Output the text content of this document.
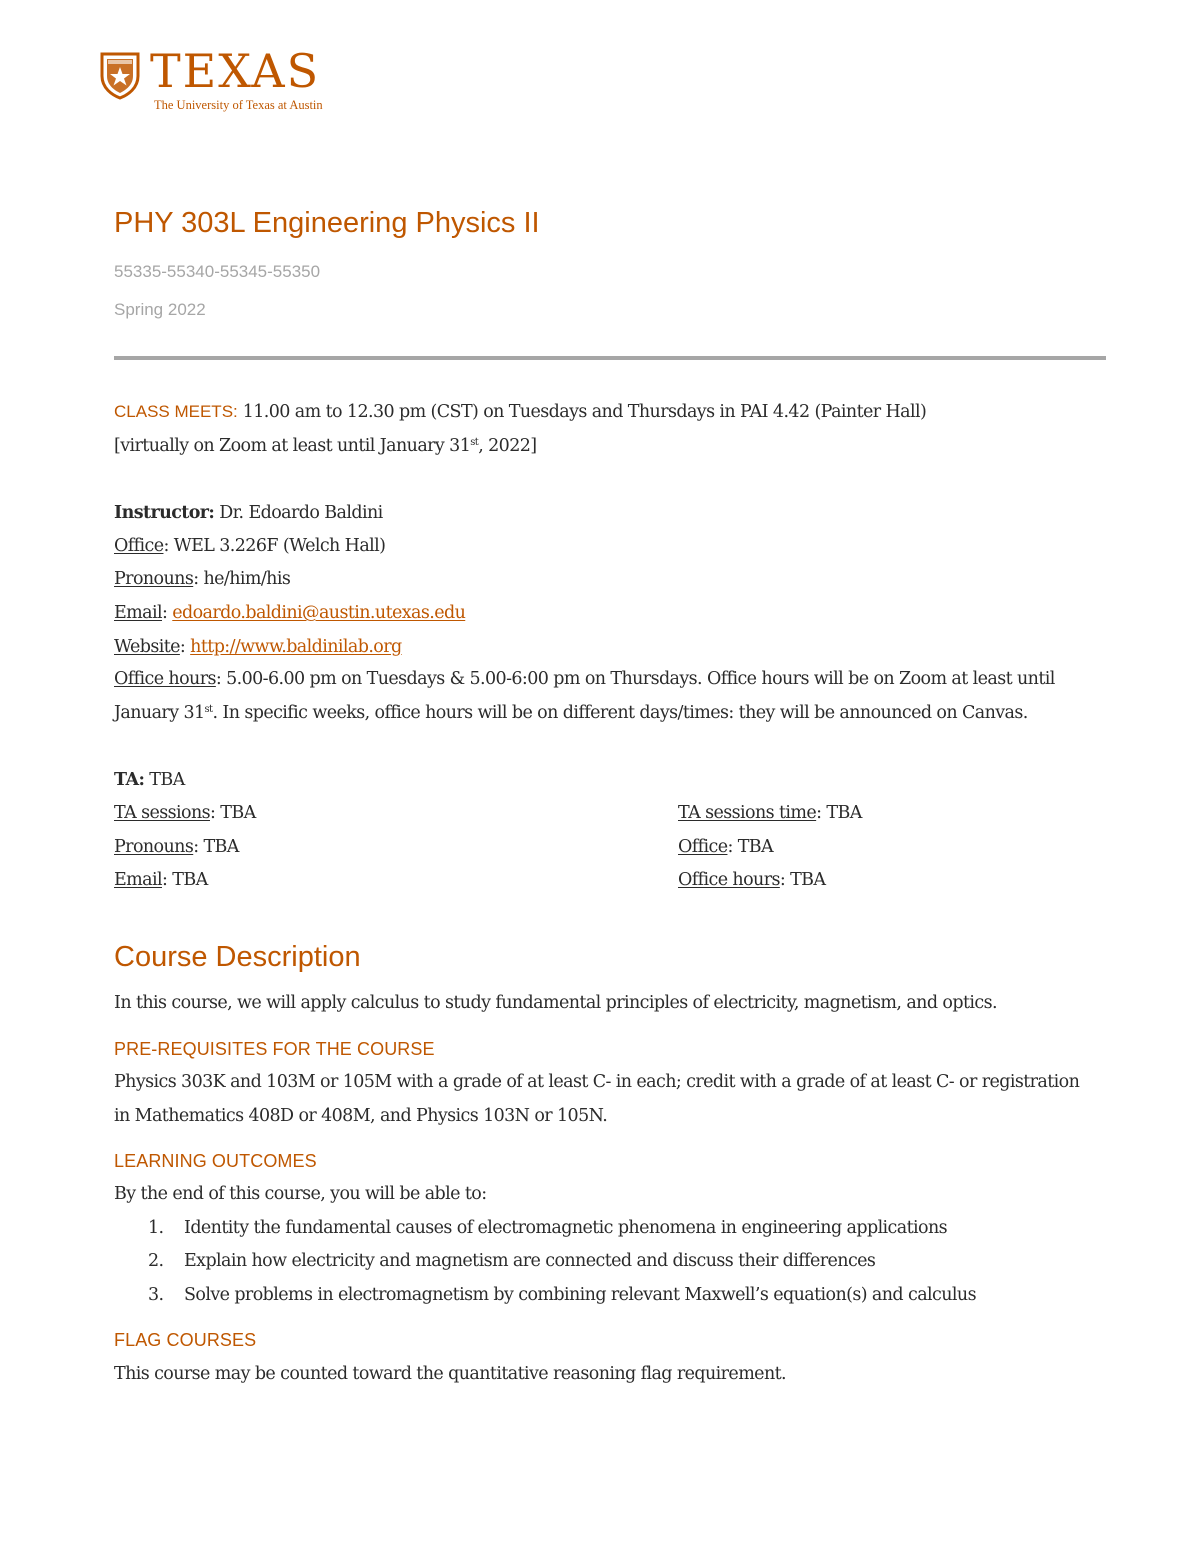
TEXAS
The University of Texas at Austin
PHY 303L Engineering Physics II
55335-55340-55345-55350
Spring 2022
CLASS MEETS: 11.00 am to 12.30 pm (CST) on Tuesdays and Thursdays in PAI 4.42 (Painter Hall)
[virtually on Zoom at least until January 31st, 2022]
Instructor: Dr. Edoardo Baldini
Office: WEL 3.226F (Welch Hall)
Pronouns: he/him/his
Email: edoardo.baldini@austin.utexas.edu
Website: http://www.baldinilab.org
Office hours: 5.00-6.00 pm on Tuesdays & 5.00-6:00 pm on Thursdays. Office hours will be on Zoom at least until
January 31st. In specific weeks, office hours will be on different days/times: they will be announced on Canvas.
TA: TBA
TA sessions: TBA	TA sessions time: TBA
Pronouns: TBA	Office: TBA
Email: TBA	Office hours: TBA
Course Description
In this course, we will apply calculus to study fundamental principles of electricity, magnetism, and optics.
PRE-REQUISITES FOR THE COURSE
Physics 303K and 103M or 105M with a grade of at least C- in each; credit with a grade of at least C- or registration
in Mathematics 408D or 408M, and Physics 103N or 105N.
LEARNING OUTCOMES
By the end of this course, you will be able to:
1. Identity the fundamental causes of electromagnetic phenomena in engineering applications
2. Explain how electricity and magnetism are connected and discuss their differences
3. Solve problems in electromagnetism by combining relevant Maxwell’s equation(s) and calculus
FLAG COURSES
This course may be counted toward the quantitative reasoning flag requirement.
